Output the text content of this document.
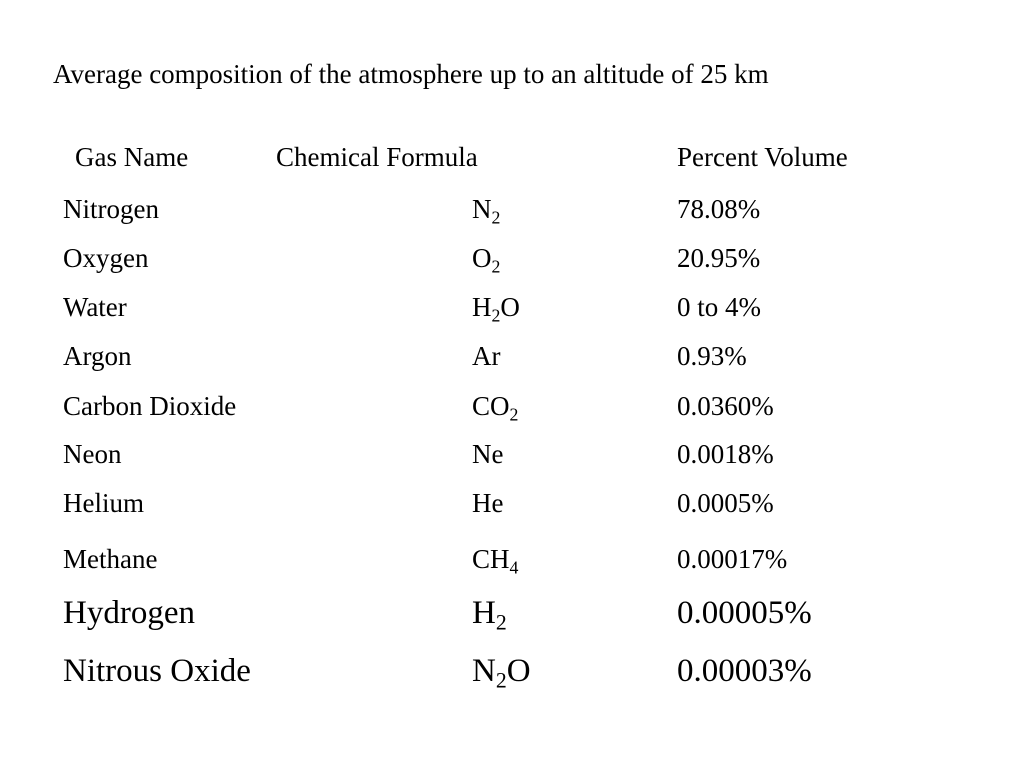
Average composition of the atmosphere up to an altitude of 25 km
Gas Name	Chemical Formula	Percent Volume
Nitrogen	$N_2$	78.08%
Oxygen	$O_2$	20.95%
Water	$H_2O$	0 to 4%
Argon	Ar	0.93%
Carbon Dioxide	$CO_2$	0.0360%
Neon	Ne	0.0018%
Helium	He	0.0005%
Methane	$CH_4$	0.00017%
Hydrogen	$H_2$	0.00005%
Nitrous Oxide	$N_2O$	0.00003%
